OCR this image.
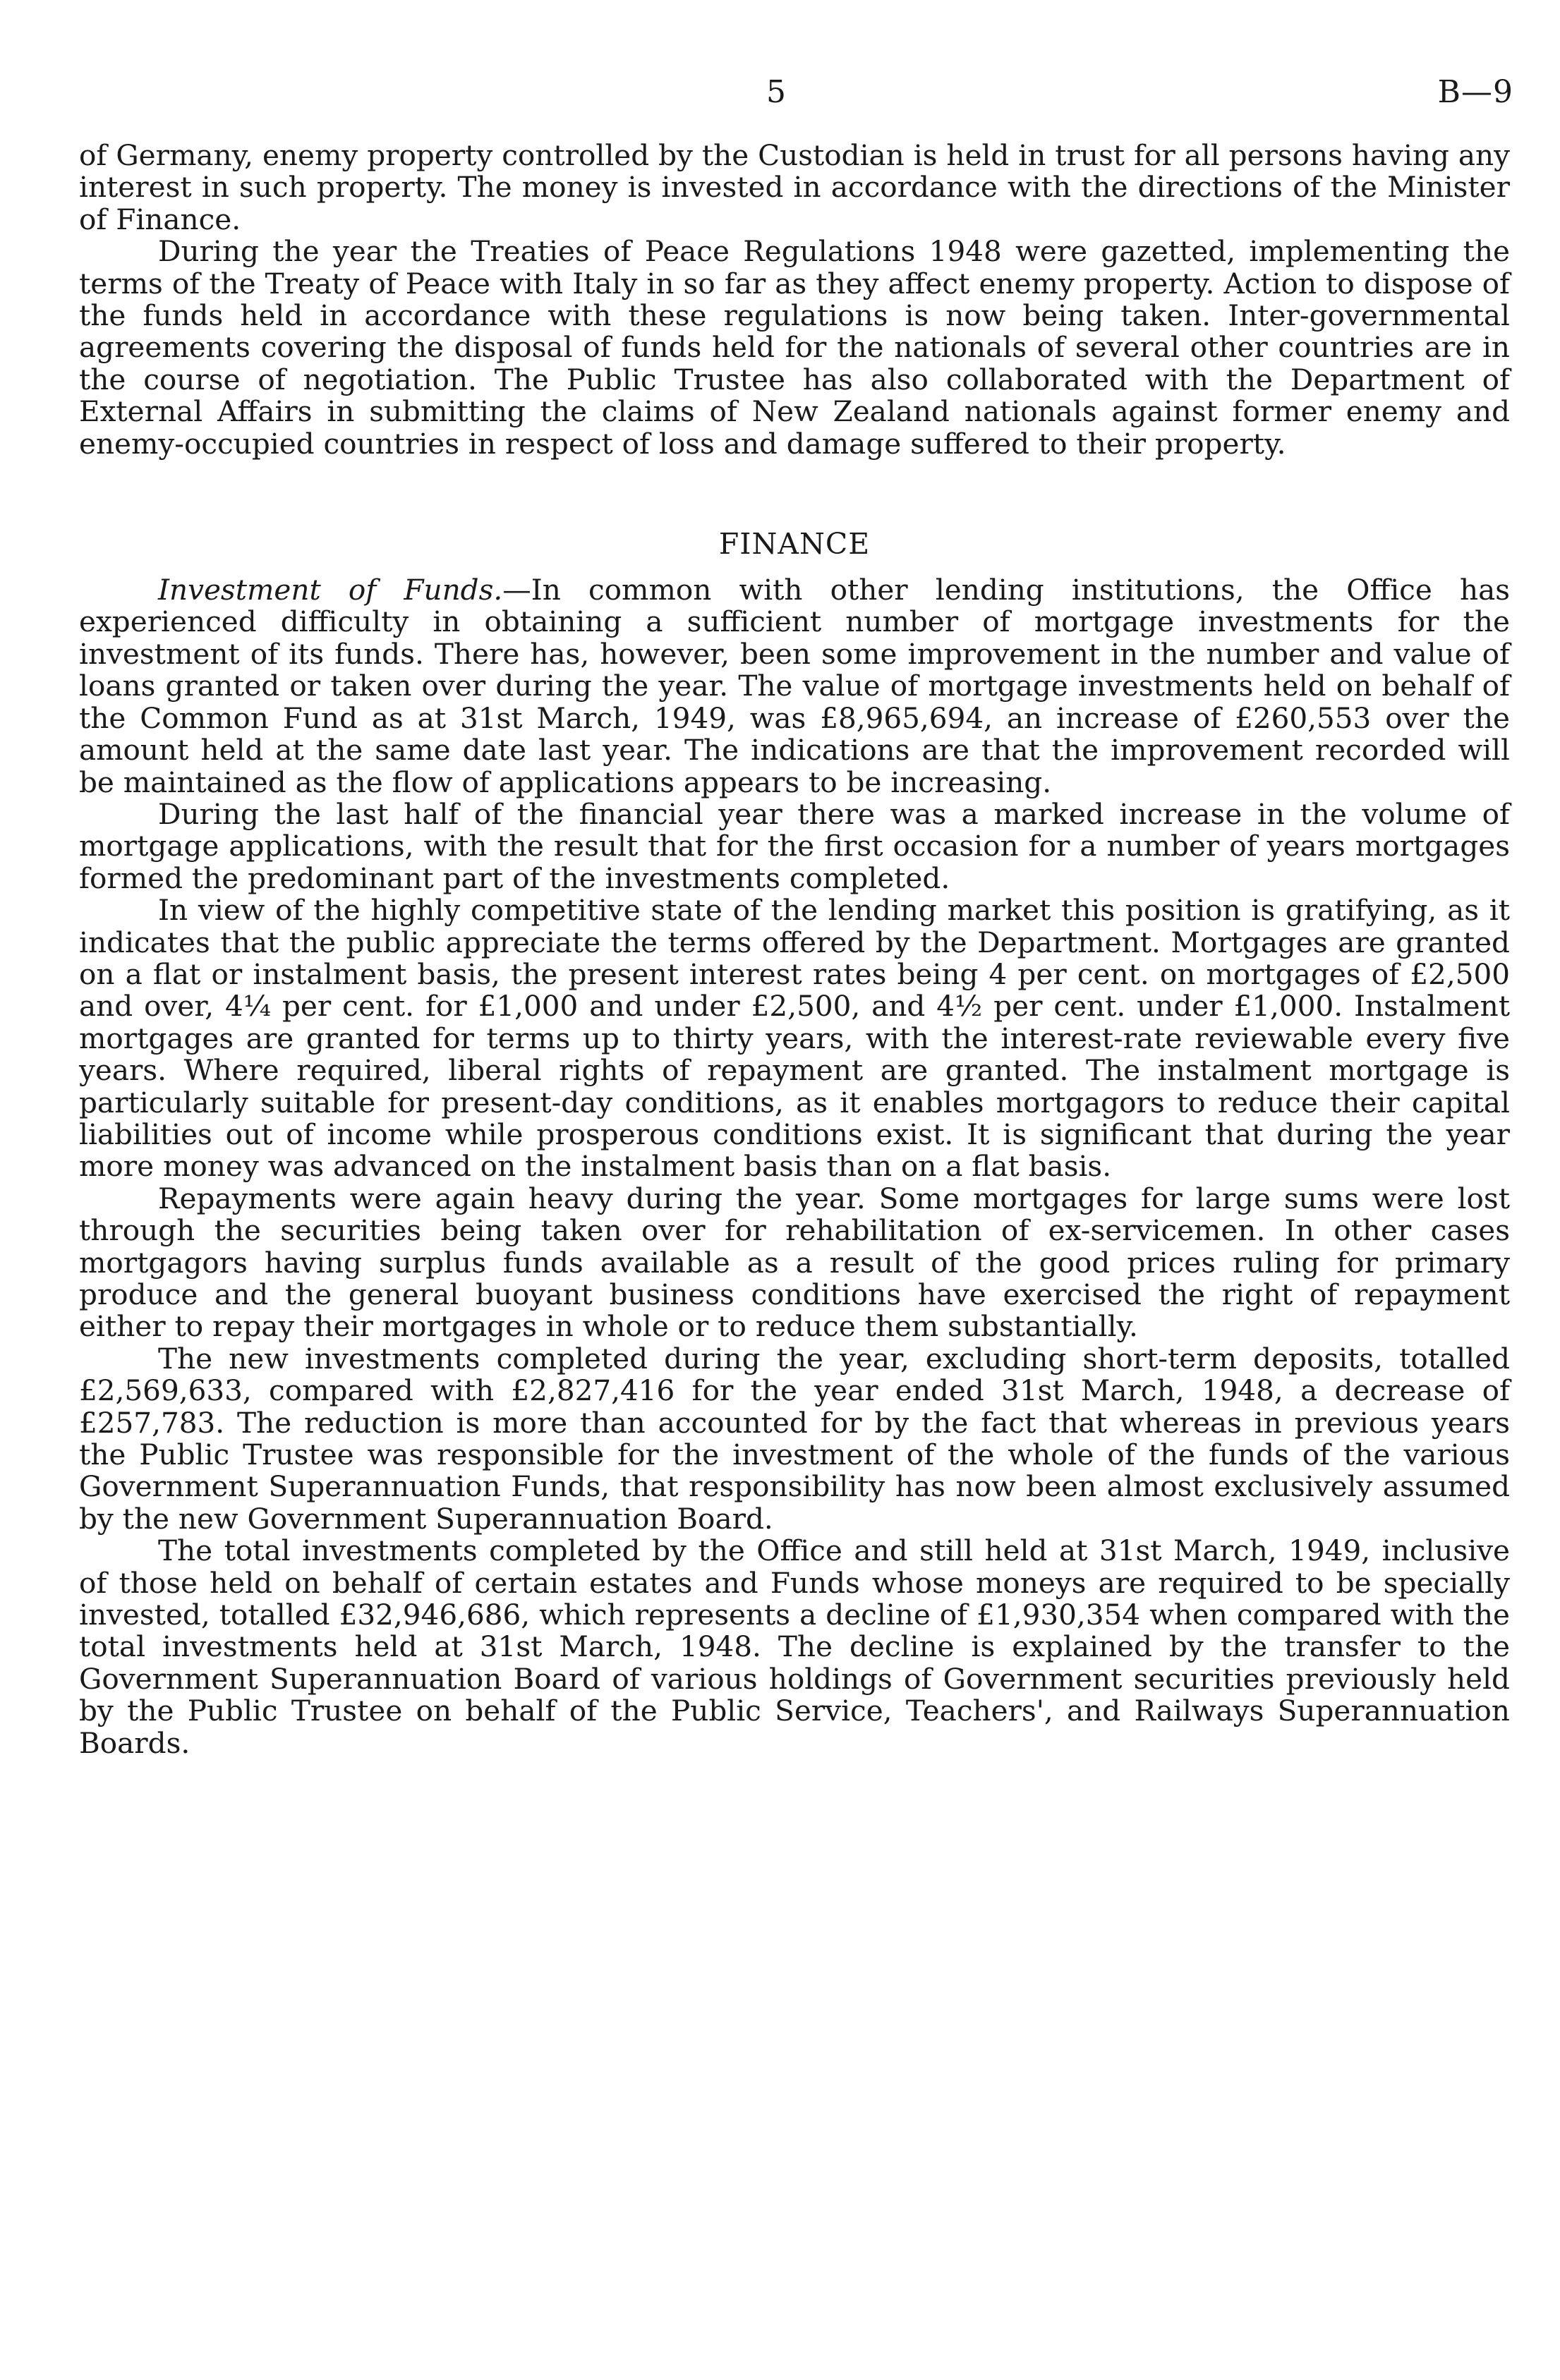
5	B—9

of Germany, enemy property controlled by the Custodian is held in trust for all persons having any interest in such property. The money is invested in accordance with the directions of the Minister of Finance.

During the year the Treaties of Peace Regulations 1948 were gazetted, implementing the terms of the Treaty of Peace with Italy in so far as they affect enemy property. Action to dispose of the funds held in accordance with these regulations is now being taken. Inter-governmental agreements covering the disposal of funds held for the nationals of several other countries are in the course of negotiation. The Public Trustee has also collaborated with the Department of External Affairs in submitting the claims of New Zealand nationals against former enemy and enemy-occupied countries in respect of loss and damage suffered to their property.

FINANCE

Investment of Funds.—In common with other lending institutions, the Office has experienced difficulty in obtaining a sufficient number of mortgage investments for the investment of its funds. There has, however, been some improvement in the number and value of loans granted or taken over during the year. The value of mortgage investments held on behalf of the Common Fund as at 31st March, 1949, was £8,965,694, an increase of £260,553 over the amount held at the same date last year. The indications are that the improvement recorded will be maintained as the flow of applications appears to be increasing.

During the last half of the financial year there was a marked increase in the volume of mortgage applications, with the result that for the first occasion for a number of years mortgages formed the predominant part of the investments completed.

In view of the highly competitive state of the lending market this position is gratifying, as it indicates that the public appreciate the terms offered by the Department. Mortgages are granted on a flat or instalment basis, the present interest rates being 4 per cent. on mortgages of £2,500 and over, 4¼ per cent. for £1,000 and under £2,500, and 4½ per cent. under £1,000. Instalment mortgages are granted for terms up to thirty years, with the interest-rate reviewable every five years. Where required, liberal rights of repayment are granted. The instalment mortgage is particularly suitable for present-day conditions, as it enables mortgagors to reduce their capital liabilities out of income while prosperous conditions exist. It is significant that during the year more money was advanced on the instalment basis than on a flat basis.

Repayments were again heavy during the year. Some mortgages for large sums were lost through the securities being taken over for rehabilitation of ex-servicemen. In other cases mortgagors having surplus funds available as a result of the good prices ruling for primary produce and the general buoyant business conditions have exercised the right of repayment either to repay their mortgages in whole or to reduce them substantially.

The new investments completed during the year, excluding short-term deposits, totalled £2,569,633, compared with £2,827,416 for the year ended 31st March, 1948, a decrease of £257,783. The reduction is more than accounted for by the fact that whereas in previous years the Public Trustee was responsible for the investment of the whole of the funds of the various Government Superannuation Funds, that responsibility has now been almost exclusively assumed by the new Government Superannuation Board.

The total investments completed by the Office and still held at 31st March, 1949, inclusive of those held on behalf of certain estates and Funds whose moneys are required to be specially invested, totalled £32,946,686, which represents a decline of £1,930,354 when compared with the total investments held at 31st March, 1948. The decline is explained by the transfer to the Government Superannuation Board of various holdings of Government securities previously held by the Public Trustee on behalf of the Public Service, Teachers', and Railways Superannuation Boards.
